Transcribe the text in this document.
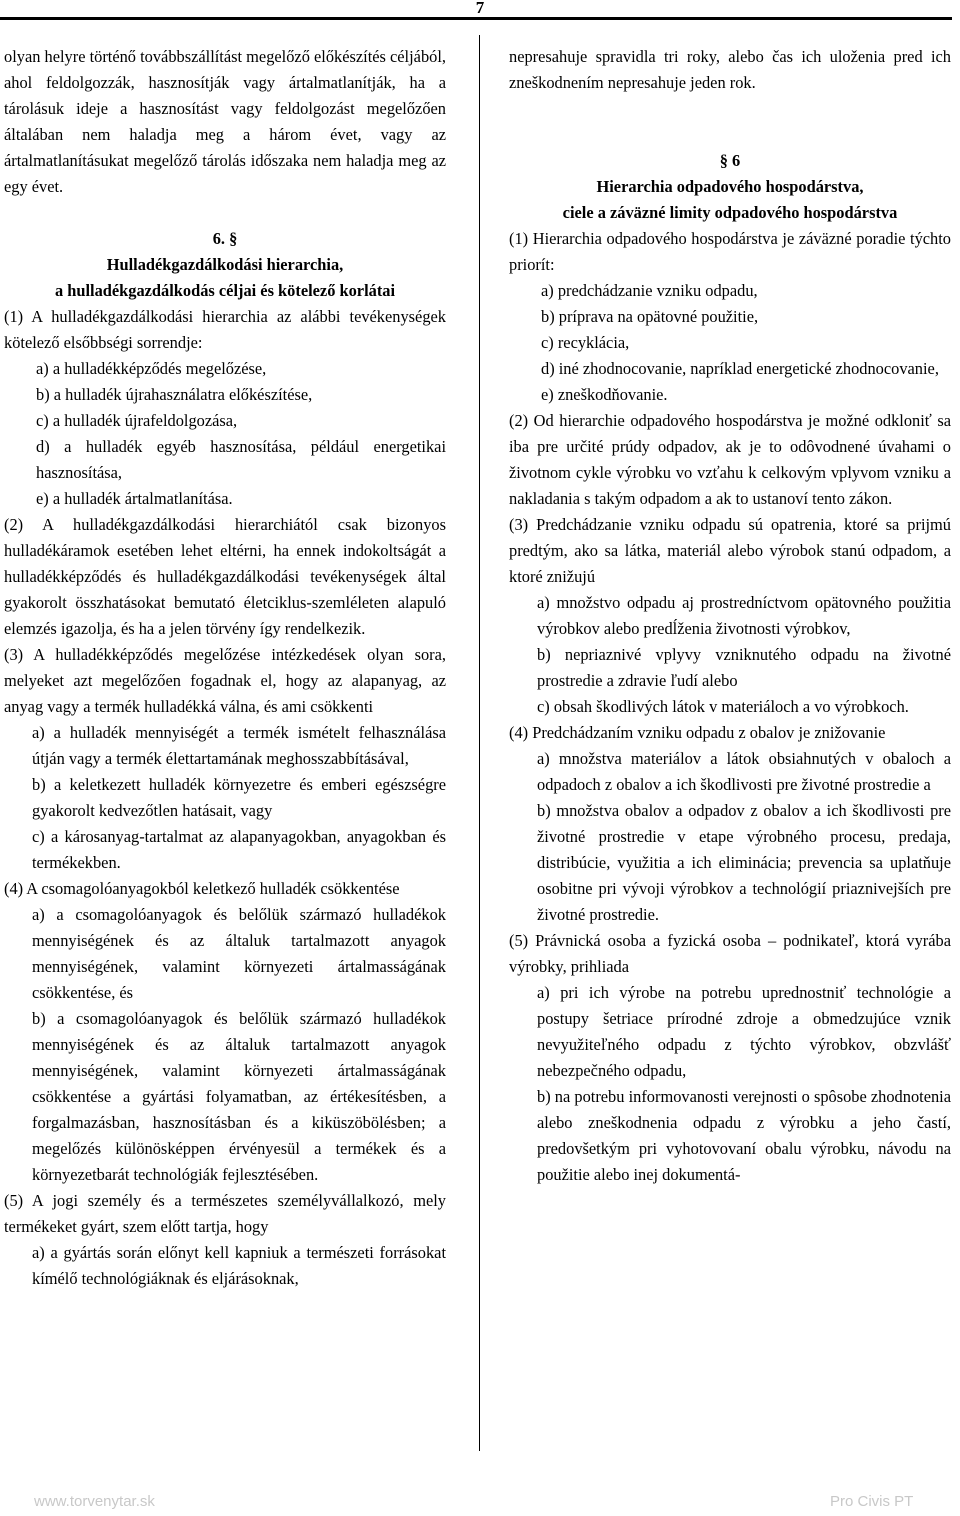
7

olyan helyre történő továbbszállítást megelőző előkészítés céljából, ahol feldolgozzák, hasznosítják vagy ártalmatlanítják, ha a tárolásuk ideje a hasznosítást vagy feldolgozást megelőzően általában nem haladja meg a három évet, vagy az ártalmatlanításukat megelőző tárolás időszaka nem haladja meg az egy évet.

6. §

Hulladékgazdálkodási hierarchia,

a hulladékgazdálkodás céljai és kötelező korlátai

(1) A hulladékgazdálkodási hierarchia az alábbi tevékenységek kötelező elsőbbségi sorrendje:

a) a hulladékképződés megelőzése,

b) a hulladék újrahasználatra előkészítése,

c) a hulladék újrafeldolgozása,

d) a hulladék egyéb hasznosítása, például energetikai hasznosítása,

e) a hulladék ártalmatlanítása.

(2) A hulladékgazdálkodási hierarchiától csak bizonyos hulladékáramok esetében lehet eltérni, ha ennek indokoltságát a hulladékképződés és hulladékgazdálkodási tevékenységek által gyakorolt összhatásokat bemutató életciklus-szemléleten alapuló elemzés igazolja, és ha a jelen törvény így rendelkezik.

(3) A hulladékképződés megelőzése intézkedések olyan sora, melyeket azt megelőzően fogadnak el, hogy az alapanyag, az anyag vagy a termék hulladékká válna, és ami csökkenti

a) a hulladék mennyiségét a termék ismételt felhasználása útján vagy a termék élettartamának meghosszabbításával,

b) a keletkezett hulladék környezetre és emberi egészségre gyakorolt kedvezőtlen hatásait, vagy

c) a károsanyag-tartalmat az alapanyagokban, anyagokban és termékekben.

(4) A csomagolóanyagokból keletkező hulladék csökkentése

a) a csomagolóanyagok és belőlük származó hulladékok mennyiségének és az általuk tartalmazott anyagok mennyiségének, valamint környezeti ártalmasságának csökkentése, és

b) a csomagolóanyagok és belőlük származó hulladékok mennyiségének és az általuk tartalmazott anyagok mennyiségének, valamint környezeti ártalmasságának csökkentése a gyártási folyamatban, az értékesítésben, a forgalmazásban, hasznosításban és a kiküszöbölésben; a megelőzés különösképpen érvényesül a termékek és a környezetbarát technológiák fejlesztésében.

(5) A jogi személy és a természetes személyvállalkozó, mely termékeket gyárt, szem előtt tartja, hogy

a) a gyártás során előnyt kell kapniuk a természeti forrásokat kímélő technológiáknak és eljárásoknak,

nepresahuje spravidla tri roky, alebo čas ich uloženia pred ich zneškodnením nepresahuje jeden rok.

§ 6

Hierarchia odpadového hospodárstva,

ciele a záväzné limity odpadového hospodárstva

(1) Hierarchia odpadového hospodárstva je záväzné poradie týchto priorít:

a) predchádzanie vzniku odpadu,

b) príprava na opätovné použitie,

c) recyklácia,

d) iné zhodnocovanie, napríklad energetické zhodnocovanie,

e) zneškodňovanie.

(2) Od hierarchie odpadového hospodárstva je možné odkloniť sa iba pre určité prúdy odpadov, ak je to odôvodnené úvahami o životnom cykle výrobku vo vzťahu k celkovým vplyvom vzniku a nakladania s takým odpadom a ak to ustanoví tento zákon.

(3) Predchádzanie vzniku odpadu sú opatrenia, ktoré sa prijmú predtým, ako sa látka, materiál alebo výrobok stanú odpadom, a ktoré znižujú

a) množstvo odpadu aj prostredníctvom opätovného použitia výrobkov alebo predĺženia životnosti výrobkov,

b) nepriaznivé vplyvy vzniknutého odpadu na životné prostredie a zdravie ľudí alebo

c) obsah škodlivých látok v materiáloch a vo výrobkoch.

(4) Predchádzaním vzniku odpadu z obalov je znižovanie

a) množstva materiálov a látok obsiahnutých v obaloch a odpadoch z obalov a ich škodlivosti pre životné prostredie a

b) množstva obalov a odpadov z obalov a ich škodlivosti pre životné prostredie v etape výrobného procesu, predaja, distribúcie, využitia a ich eliminácia; prevencia sa uplatňuje osobitne pri vývoji výrobkov a technológií priaznivejších pre životné prostredie.

(5) Právnická osoba a fyzická osoba – podnikateľ, ktorá vyrába výrobky, prihliada

a) pri ich výrobe na potrebu uprednostniť technológie a postupy šetriace prírodné zdroje a obmedzujúce vznik nevyužiteľného odpadu z týchto výrobkov, obzvlášť nebezpečného odpadu,

b) na potrebu informovanosti verejnosti o spôsobe zhodnotenia alebo zneškodnenia odpadu z výrobku a jeho častí, predovšetkým pri vyhotovovaní obalu výrobku, návodu na použitie alebo inej dokumentá-

www.torvenytar.sk	Pro Civis PT
